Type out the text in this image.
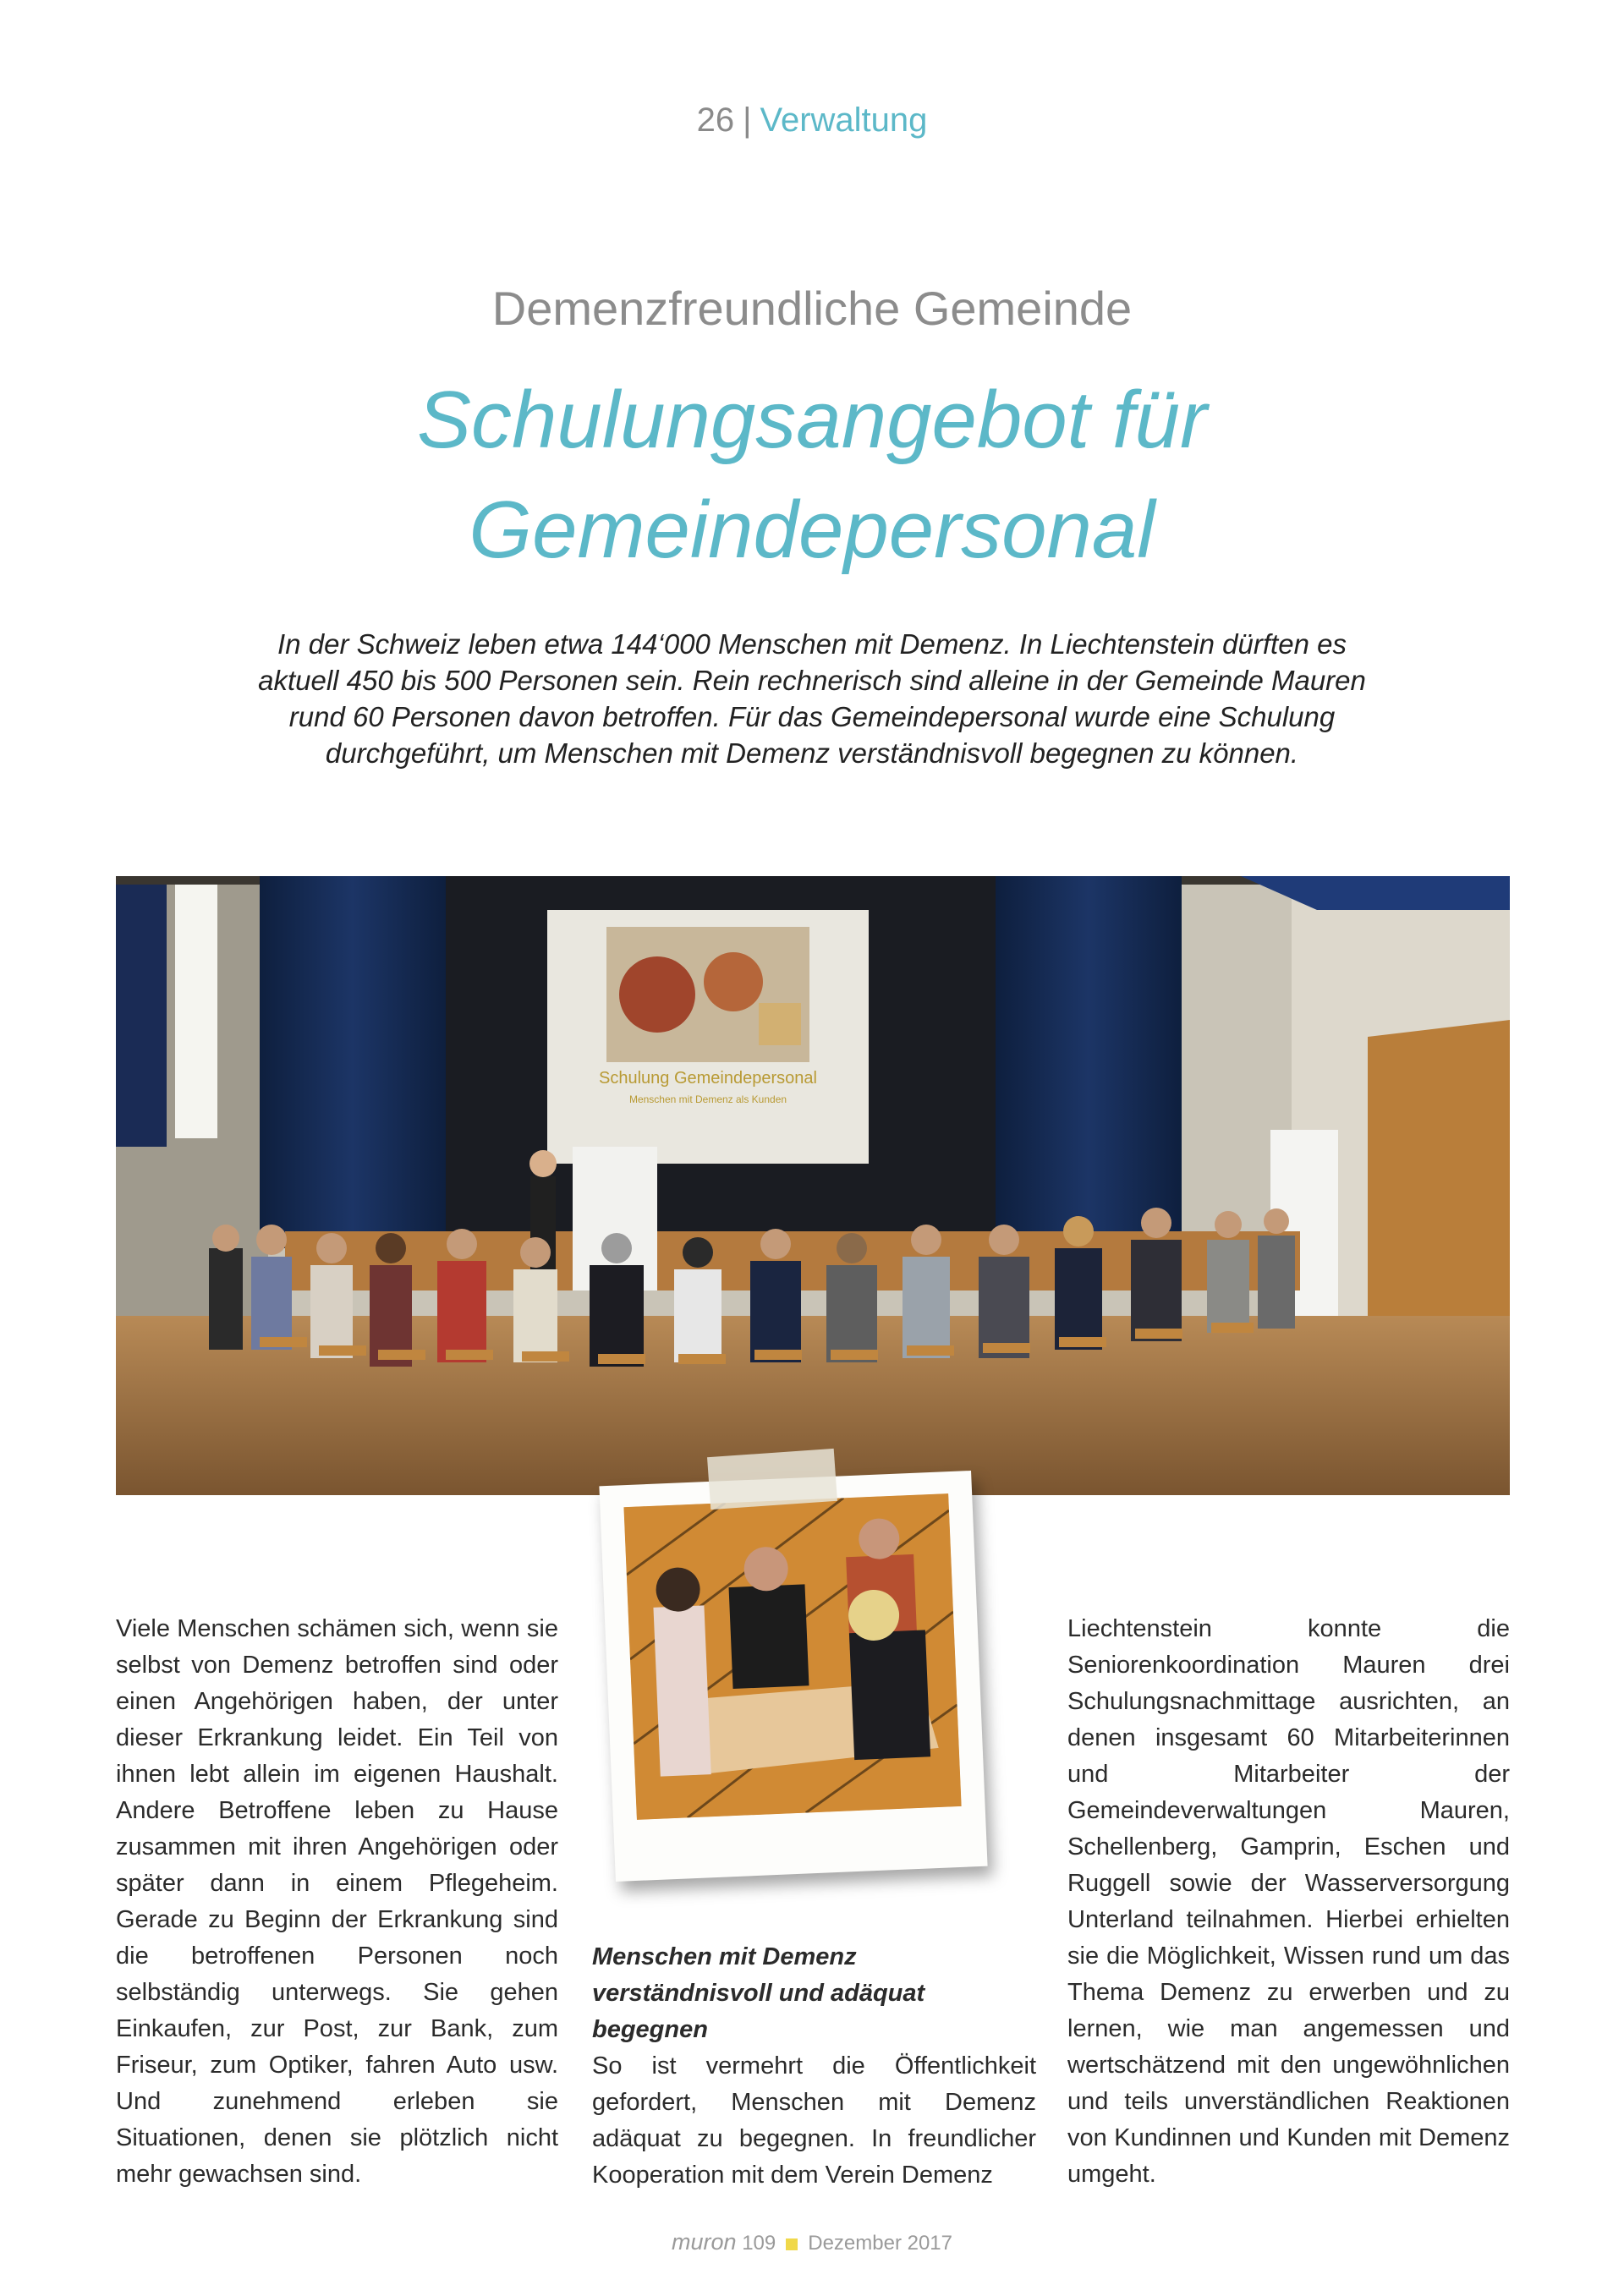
26 | Verwaltung
Demenzfreundliche Gemeinde
Schulungsangebot für
Gemeindepersonal
In der Schweiz leben etwa 144‘000 Menschen mit Demenz. In Liechtenstein dürften es aktuell 450 bis 500 Personen sein. Rein rechnerisch sind alleine in der Gemeinde Mauren rund 60 Personen davon betroffen. Für das Gemeindepersonal wurde eine Schulung durchgeführt, um Menschen mit Demenz verständnisvoll begegnen zu können.
Schulung Gemeindepersonal
Menschen mit Demenz als Kunden

Viele Menschen schämen sich, wenn sie selbst von Demenz betroffen sind oder einen Angehörigen haben, der unter dieser Erkrankung leidet. Ein Teil von ihnen lebt allein im eigenen Haushalt. Andere Betroffene leben zu Hause zusammen mit ihren Angehörigen oder später dann in einem Pflegeheim. Gerade zu Beginn der Erkrankung sind die betroffenen Personen noch selbständig unterwegs. Sie gehen Einkaufen, zur Post, zur Bank, zum Friseur, zum Optiker, fahren Auto usw. Und zunehmend erleben sie Situationen, denen sie plötzlich nicht mehr gewachsen sind.

Menschen mit Demenz verständnisvoll und adäquat begegnen

So ist vermehrt die Öffentlichkeit gefordert, Menschen mit Demenz adäquat zu begegnen. In freundlicher Kooperation mit dem Verein Demenz

Liechtenstein konnte die Seniorenkoordination Mauren drei Schulungsnachmittage ausrichten, an denen insgesamt 60 Mitarbeiterinnen und Mitarbeiter der Gemeindeverwaltungen Mauren, Schellenberg, Gamprin, Eschen und Ruggell sowie der Wasserversorgung Unterland teilnahmen. Hierbei erhielten sie die Möglichkeit, Wissen rund um das Thema Demenz zu erwerben und zu lernen, wie man angemessen und wertschätzend mit den ungewöhnlichen und teils unverständlichen Reaktionen von Kundinnen und Kunden mit Demenz umgeht.

muron 109 Dezember 2017
